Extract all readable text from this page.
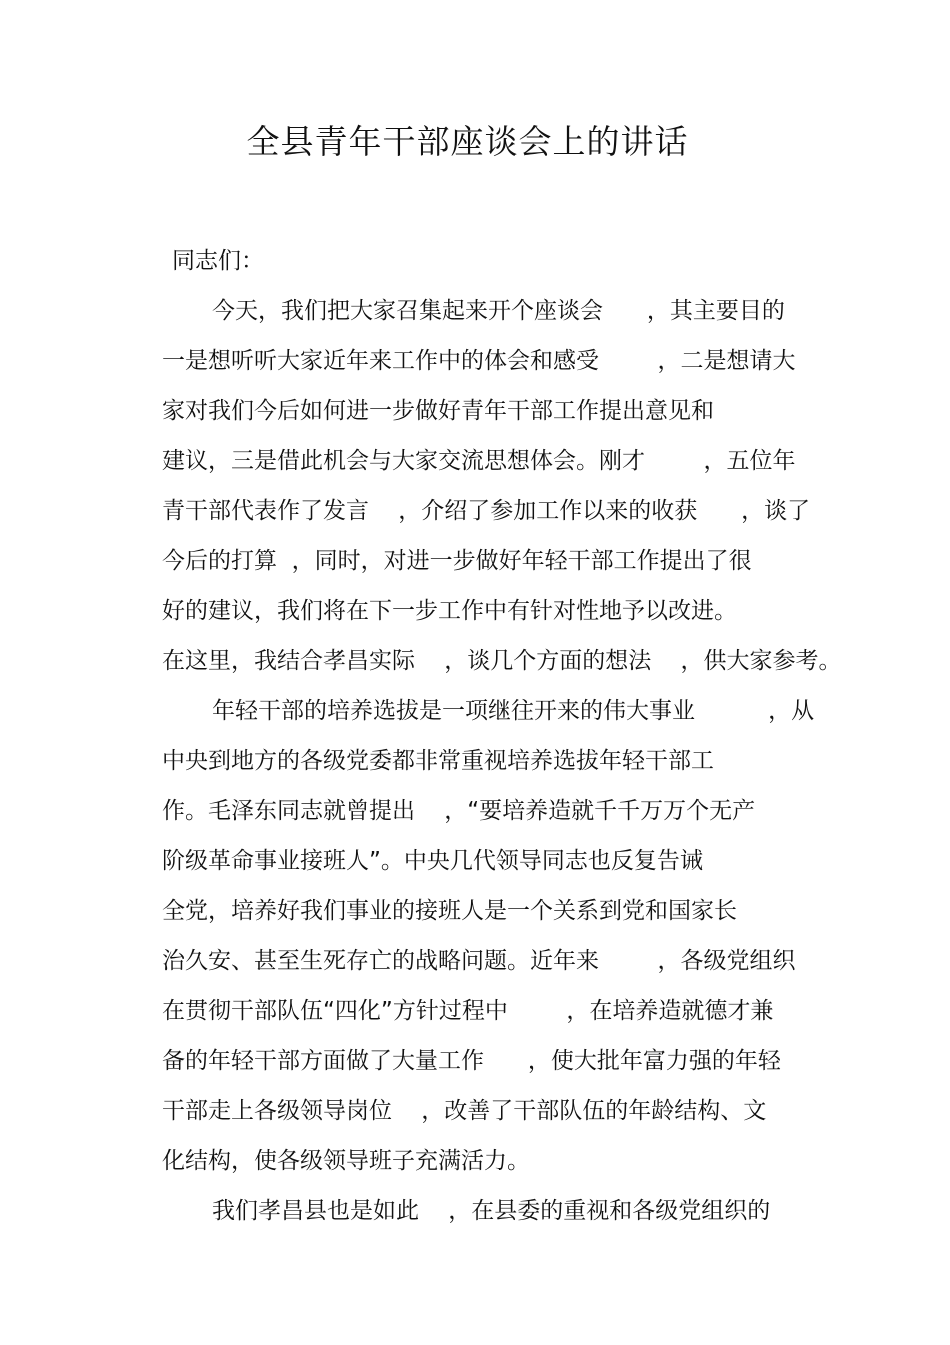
全县青年干部座谈会上的讲话
同志们：
今天，我们把大家召集起来开个座谈会      ，其主要目的
一是想听听大家近年来工作中的体会和感受        ，二是想请大
家对我们今后如何进一步做好青年干部工作提出意见和
建议，三是借此机会与大家交流思想体会。刚才        ，五位年
青干部代表作了发言    ，介绍了参加工作以来的收获      ，谈了
今后的打算  ，同时，对进一步做好年轻干部工作提出了很
好的建议，我们将在下一步工作中有针对性地予以改进。
在这里，我结合孝昌实际    ，谈几个方面的想法    ，供大家参考。
年轻干部的培养选拔是一项继往开来的伟大事业          ，从
中央到地方的各级党委都非常重视培养选拔年轻干部工
作。毛泽东同志就曾提出    ，“要培养造就千千万万个无产
阶级革命事业接班人”。中央几代领导同志也反复告诫
全党，培养好我们事业的接班人是一个关系到党和国家长
治久安、甚至生死存亡的战略问题。近年来        ，各级党组织
在贯彻干部队伍“四化”方针过程中        ，在培养造就德才兼
备的年轻干部方面做了大量工作      ，使大批年富力强的年轻
干部走上各级领导岗位    ，改善了干部队伍的年龄结构、文
化结构，使各级领导班子充满活力。
我们孝昌县也是如此    ，在县委的重视和各级党组织的
